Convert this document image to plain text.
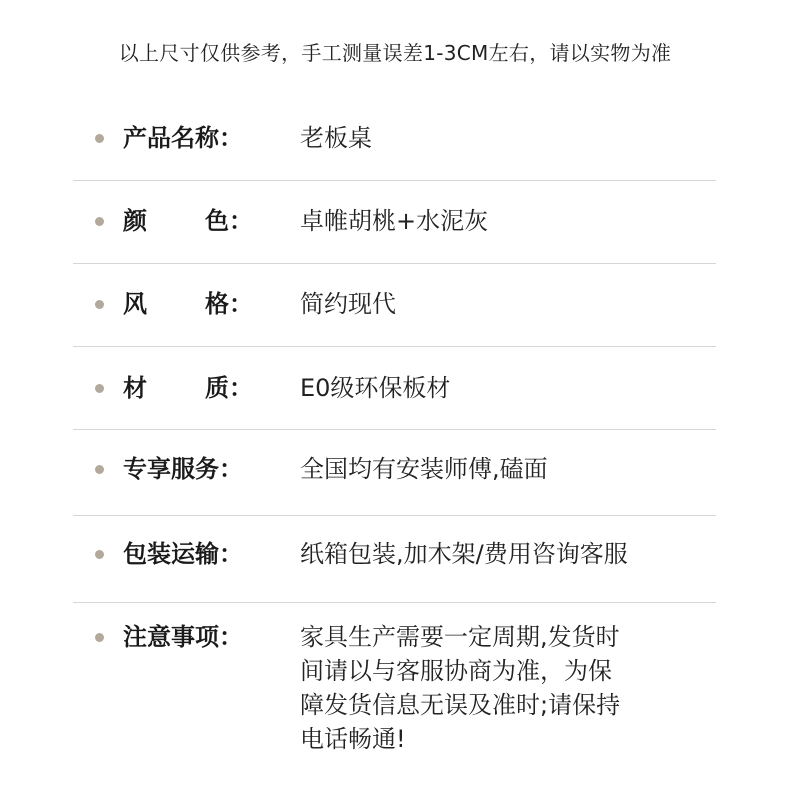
以上尺寸仅供参考，手工测量误差1-3CM左右，请以实物为准
产品名称： 老板桌
颜 色： 卓帷胡桃+水泥灰
风 格： 简约现代
材 质： E0级环保板材
专享服务： 全国均有安装师傅,磕面
包装运输： 纸箱包装,加木架/费用咨询客服
注意事项： 家具生产需要一定周期,发货时
间请以与客服协商为准，为保
障发货信息无误及准时;请保持
电话畅通!
